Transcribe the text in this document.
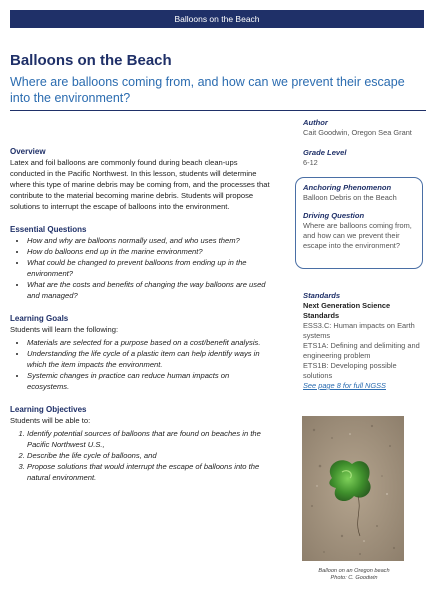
Balloons on the Beach
Balloons on the Beach
Where are balloons coming from, and how can we prevent their escape into the environment?

Overview

Latex and foil balloons are commonly found during beach clean-ups conducted in the Pacific Northwest. In this lesson, students will determine where this type of marine debris may be coming from, and the processes that contribute to the material becoming marine debris. Students will propose solutions to interrupt the escape of balloons into the environment.

Essential Questions

• How and why are balloons normally used, and who uses them?
• How do balloons end up in the marine environment?
• What could be changed to prevent balloons from ending up in the environment?
• What are the costs and benefits of changing the way balloons are used and managed?

Learning Goals

Students will learn the following:

• Materials are selected for a purpose based on a cost/benefit analysis.
• Understanding the life cycle of a plastic item can help identify ways in which the item impacts the environment.
• Systemic changes in practice can reduce human impacts on ecosystems.

Learning Objectives

Students will be able to:

1. Identify potential sources of balloons that are found on beaches in the Pacific Northwest U.S.,
2. Describe the life cycle of balloons, and
3. Propose solutions that would interrupt the escape of balloons into the natural environment.
Author
Cait Goodwin, Oregon Sea Grant
Grade Level
6-12
Anchoring Phenomenon
Balloon Debris on the Beach
Driving Question
Where are balloons coming from, and how can we prevent their escape into the environment?
Standards
Next Generation Science Standards
ESS3.C: Human impacts on Earth systems
ETS1A: Defining and delimiting and engineering problem
ETS1B: Developing possible solutions
See page 8 for full NGSS
Balloon on an Oregon beach
Photo: C. Goodwin
